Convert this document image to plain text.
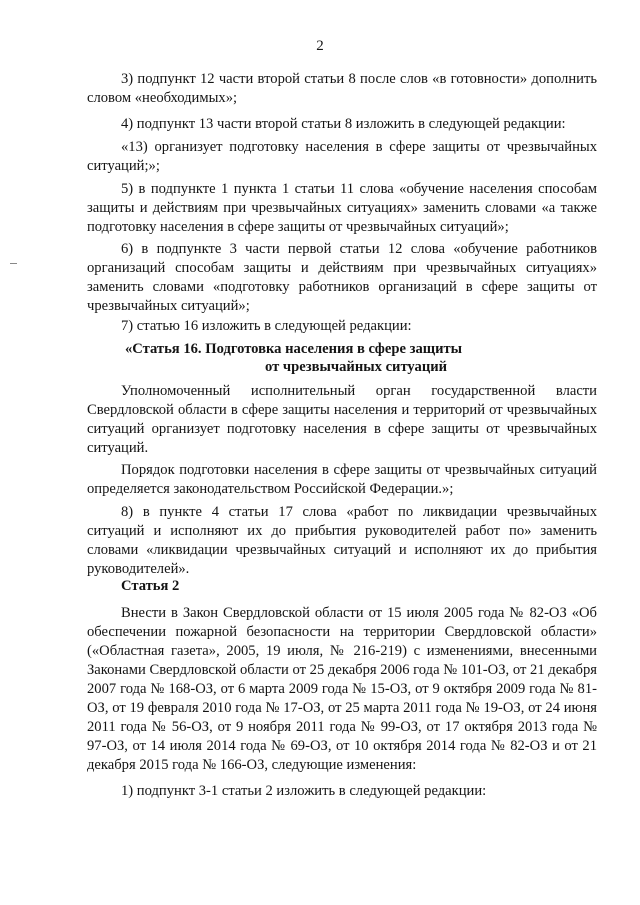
2

3) подпункт 12 части второй статьи 8 после слов «в готовности» дополнить словом «необходимых»;

4) подпункт 13 части второй статьи 8 изложить в следующей редакции:

«13) организует подготовку населения в сфере защиты от чрезвычайных ситуаций;»;

5) в подпункте 1 пункта 1 статьи 11 слова «обучение населения способам защиты и действиям при чрезвычайных ситуациях» заменить словами «а также подготовку населения в сфере защиты от чрезвычайных ситуаций»;

6) в подпункте 3 части первой статьи 12 слова «обучение работников организаций способам защиты и действиям при чрезвычайных ситуациях» заменить словами «подготовку работников организаций в сфере защиты от чрезвычайных ситуаций»;

7) статью 16 изложить в следующей редакции:

«Статья 16. Подготовка населения в сфере защиты
от чрезвычайных ситуаций

Уполномоченный исполнительный орган государственной власти Свердловской области в сфере защиты населения и территорий от чрезвычайных ситуаций организует подготовку населения в сфере защиты от чрезвычайных ситуаций.

Порядок подготовки населения в сфере защиты от чрезвычайных ситуаций определяется законодательством Российской Федерации.»;

8) в пункте 4 статьи 17 слова «работ по ликвидации чрезвычайных ситуаций и исполняют их до прибытия руководителей работ по» заменить словами «ликвидации чрезвычайных ситуаций и исполняют их до прибытия руководителей».

Статья 2

Внести в Закон Свердловской области от 15 июля 2005 года № 82-ОЗ «Об обеспечении пожарной безопасности на территории Свердловской области» («Областная газета», 2005, 19 июля, № 216-219) с изменениями, внесенными Законами Свердловской области от 25 декабря 2006 года № 101-ОЗ, от 21 декабря 2007 года № 168-ОЗ, от 6 марта 2009 года № 15-ОЗ, от 9 октября 2009 года № 81-ОЗ, от 19 февраля 2010 года № 17-ОЗ, от 25 марта 2011 года № 19-ОЗ, от 24 июня 2011 года № 56-ОЗ, от 9 ноября 2011 года № 99-ОЗ, от 17 октября 2013 года № 97-ОЗ, от 14 июля 2014 года № 69-ОЗ, от 10 октября 2014 года № 82-ОЗ и от 21 декабря 2015 года № 166-ОЗ, следующие изменения:

1) подпункт 3-1 статьи 2 изложить в следующей редакции:
